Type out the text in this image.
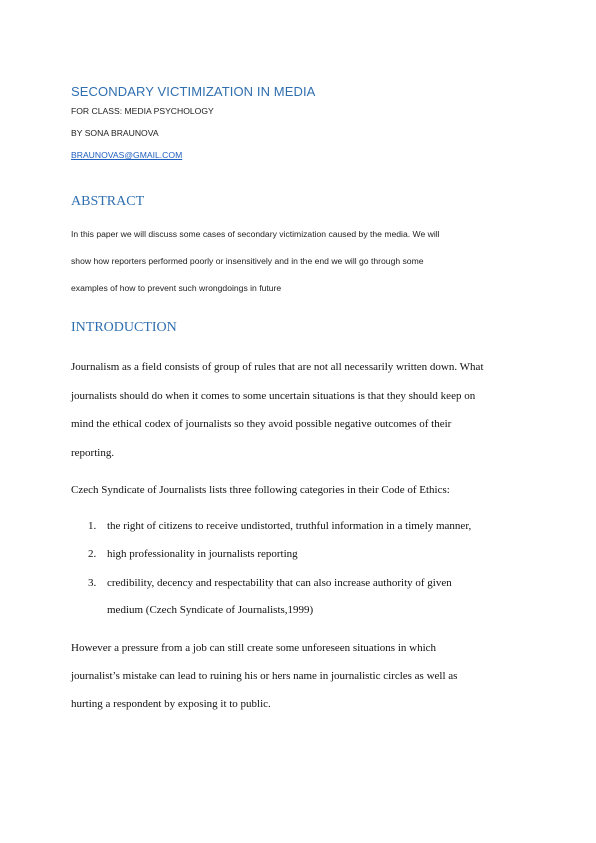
SECONDARY VICTIMIZATION IN MEDIA
FOR CLASS: MEDIA PSYCHOLOGY
BY SONA BRAUNOVA
BRAUNOVAS@GMAIL.COM
ABSTRACT
In this paper we will discuss some cases of secondary victimization caused by the media. We will
show how reporters performed poorly or insensitively and in the end we will go through some
examples of how to prevent such wrongdoings in future
INTRODUCTION
Journalism as a field consists of group of rules that are not all necessarily written down. What
journalists should do when it comes to some uncertain situations is that they should keep on
mind the ethical codex of journalists so they avoid possible negative outcomes of their
reporting.
Czech Syndicate of Journalists lists three following categories in their Code of Ethics:
1. the right of citizens to receive undistorted, truthful information in a timely manner,
2. high professionality in journalists reporting
3. credibility, decency and respectability that can also increase authority of given
medium (Czech Syndicate of Journalists,1999)
However a pressure from a job can still create some unforeseen situations in which
journalist’s mistake can lead to ruining his or hers name in journalistic circles as well as
hurting a respondent by exposing it to public.
